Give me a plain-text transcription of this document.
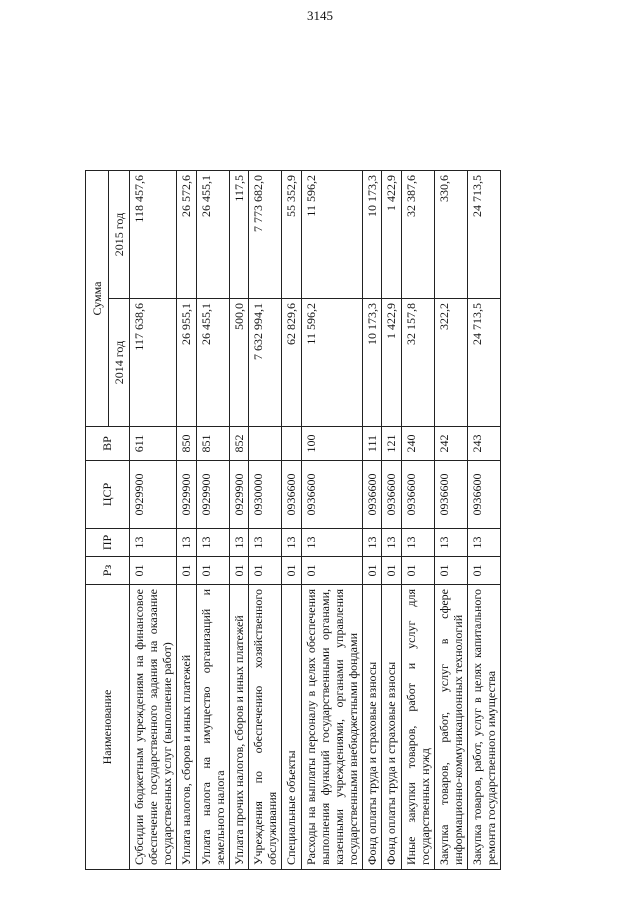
3145
Наименование	Рз	ПР	ЦСР	ВР	Сумма	
					2014 год	2015 год
Субсидии бюджетным учреждениям на финансовое обеспечение государственного задания на оказание государственных услуг (выполнение работ)	01	13	0929900	611	117 638,6	118 457,6
Уплата налогов, сборов и иных платежей	01	13	0929900	850	26 955,1	26 572,6
Уплата налога на имущество организаций и земельного налога	01	13	0929900	851	26 455,1	26 455,1
Уплата прочих налогов, сборов и иных платежей	01	13	0929900	852	500,0	117,5
Учреждения по обеспечению хозяйственного обслуживания	01	13	0930000		7 632 994,1	7 773 682,0
Специальные объекты	01	13	0936600		62 829,6	55 352,9
Расходы на выплаты персоналу в целях обеспечения выполнения функций государственными органами, казенными учреждениями, органами управления государственными внебюджетными фондами	01	13	0936600	100	11 596,2	11 596,2
Фонд оплаты труда и страховые взносы	01	13	0936600	111	10 173,3	10 173,3
Фонд оплаты труда и страховые взносы	01	13	0936600	121	1 422,9	1 422,9
Иные закупки товаров, работ и услуг для государственных нужд	01	13	0936600	240	32 157,8	32 387,6
Закупка товаров, работ, услуг в сфере информационно-коммуникационных технологий	01	13	0936600	242	322,2	330,6
Закупка товаров, работ, услуг в целях капитального ремонта государственного имущества	01	13	0936600	243	24 713,5	24 713,5
